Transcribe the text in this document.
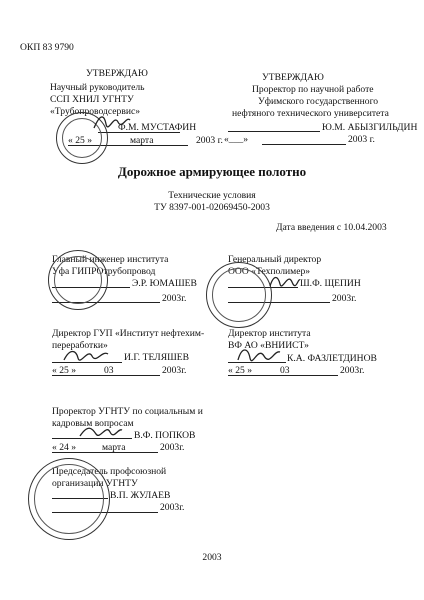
ОКП 83 9790
УТВЕРЖДАЮ
Научный руководитель
ССП ХНИЛ УГНТУ
«Трубопроводсервис»
Ф.М. МУСТАФИН
« 25 »	марта	2003 г.
УТВЕРЖДАЮ
Проректор по научной работе
Уфимского государственного
нефтяного технического университета
Ю.М. АБЫЗГИЛЬДИН
«___»	2003 г.
Дорожное армирующее полотно
Технические условия
ТУ 8397-001-02069450-2003
Дата введения с 10.04.2003
Главный инженер института
Уфа ГИПРОтрубопровод
Э.Р. ЮМАШЕВ
2003г.
Генеральный директор
ООО «Техполимер»
Ш.Ф. ЩЕПИН
2003г.
Директор ГУП «Институт нефтехим-
переработки»
И.Г. ТЕЛЯШЕВ
« 25 »	03	2003г.
Директор института
ВФ АО «ВНИИСТ»
К.А. ФАЗЛЕТДИНОВ
« 25 »	03	2003г.
Проректор УГНТУ по социальным и
кадровым вопросам
В.Ф. ПОПКОВ
« 24 »	марта	2003г.
Председатель профсоюзной
организации УГНТУ
В.П. ЖУЛАЕВ
2003г.
2003
